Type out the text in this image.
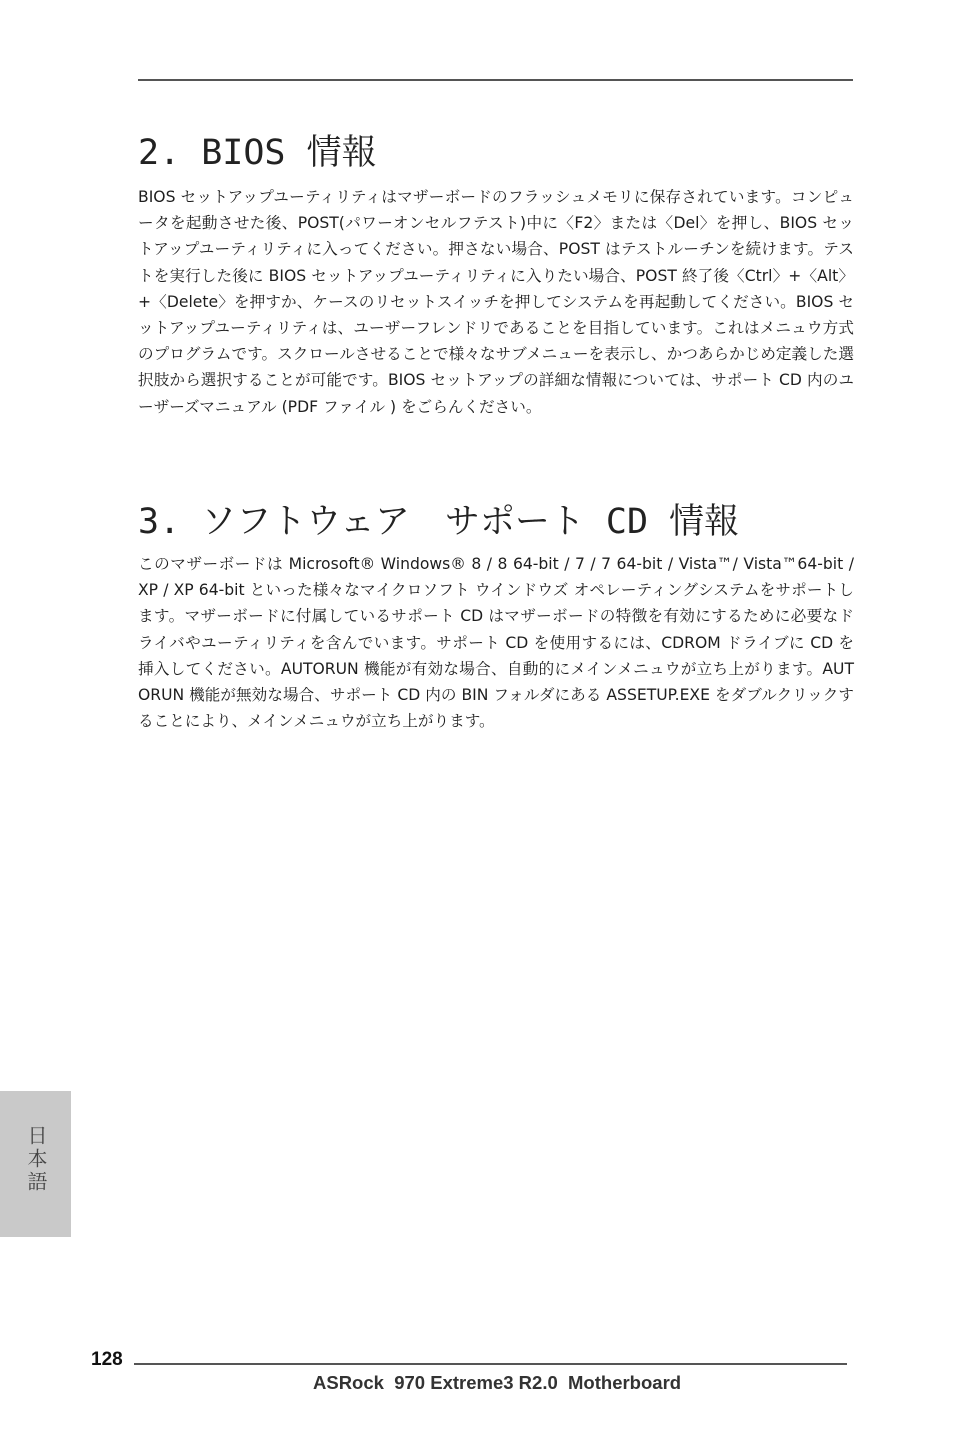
2. BIOS 情報

BIOS セットアップユーティリティはマザーボードのフラッシュメモリに保存されています。コンピュータを起動させた後、POST(パワーオンセルフテスト)中に〈F2〉または〈Del〉を押し、BIOS セットアップユーティリティに入ってください。押さない場合、POST はテストルーチンを続けます。テストを実行した後に BIOS セットアップユーティリティに入りたい場合、POST 終了後〈Ctrl〉+〈Alt〉+〈Delete〉を押すか、ケースのリセットスイッチを押してシステムを再起動してください。BIOS セットアップユーティリティは、ユーザーフレンドリであることを目指しています。これはメニュウ方式のプログラムです。スクロールさせることで様々なサブメニューを表示し、かつあらかじめ定義した選択肢から選択することが可能です。BIOS セットアップの詳細な情報については、サポート CD 内のユーザーズマニュアル (PDF ファイル ) をごらんください。

3. ソフトウェア　サポート CD 情報

このマザーボードは Microsoft® Windows® 8 / 8 64-bit / 7 / 7 64-bit / Vista™/ Vista™64-bit / XP / XP 64-bit といった様々なマイクロソフト ウインドウズ オペレーティングシステムをサポートします。マザーボードに付属しているサポート CD はマザーボードの特徴を有効にするために必要なドライバやユーティリティを含んでいます。サポート CD を使用するには、CDROM ドライブに CD を挿入してください。AUTORUN 機能が有効な場合、自動的にメインメニュウが立ち上がります。AUTORUN 機能が無効な場合、サポート CD 内の BIN フォルダにある ASSETUP.EXE をダブルクリックすることにより、メインメニュウが立ち上がります。

日本語
128
ASRock  970 Extreme3 R2.0  Motherboard
